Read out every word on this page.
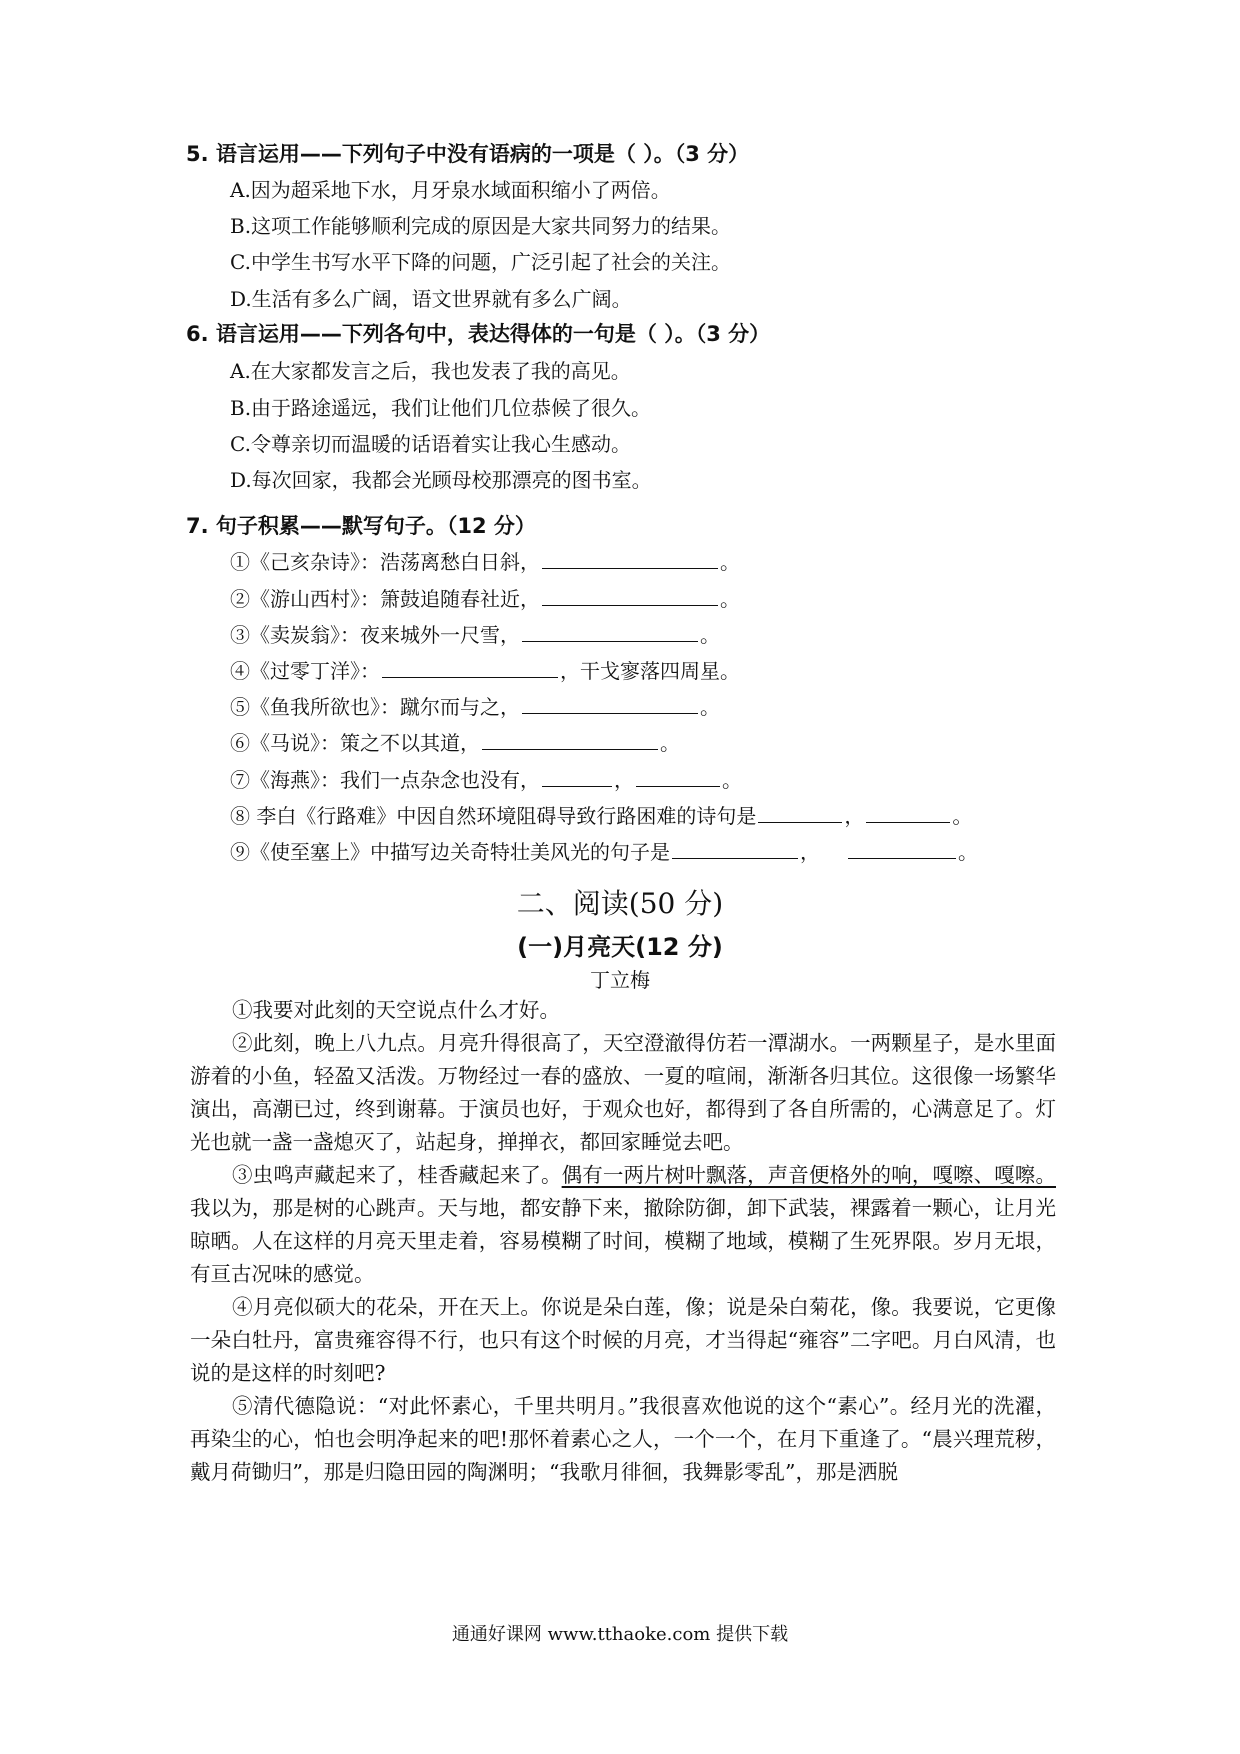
5. 语言运用——下列句子中没有语病的一项是（ ）。（3 分）
A.因为超采地下水，月牙泉水域面积缩小了两倍。
B.这项工作能够顺利完成的原因是大家共同努力的结果。
C.中学生书写水平下降的问题，广泛引起了社会的关注。
D.生活有多么广阔，语文世界就有多么广阔。
6. 语言运用——下列各句中，表达得体的一句是（ ）。（3 分）
A.在大家都发言之后，我也发表了我的高见。
B.由于路途遥远，我们让他们几位恭候了很久。
C.令尊亲切而温暖的话语着实让我心生感动。
D.每次回家，我都会光顾母校那漂亮的图书室。
7. 句子积累——默写句子。（12 分）
①《己亥杂诗》：浩荡离愁白日斜，	。
②《游山西村》：箫鼓追随春社近，	。
③《卖炭翁》：夜来城外一尺雪，	。
④《过零丁洋》：	，干戈寥落四周星。
⑤《鱼我所欲也》：蹴尔而与之，	。
⑥《马说》：策之不以其道，	。
⑦《海燕》：我们一点杂念也没有，	，	。
⑧ 李白《行路难》中因自然环境阻碍导致行路困难的诗句是	，	。
⑨《使至塞上》中描写边关奇特壮美风光的句子是	，	。
二、阅读(50 分)
(一)月亮天(12 分)
丁立梅
①我要对此刻的天空说点什么才好。
②此刻，晚上八九点。月亮升得很高了，天空澄澈得仿若一潭湖水。一两颗星子，是水里面游着的小鱼，轻盈又活泼。万物经过一春的盛放、一夏的喧闹，渐渐各归其位。这很像一场繁华演出，高潮已过，终到谢幕。于演员也好，于观众也好，都得到了各自所需的，心满意足了。灯光也就一盏一盏熄灭了，站起身，掸掸衣，都回家睡觉去吧。
③虫鸣声藏起来了，桂香藏起来了。偶有一两片树叶飘落，声音便格外的响，嘎嚓、嘎嚓。我以为，那是树的心跳声。天与地，都安静下来，撤除防御，卸下武装，裸露着一颗心，让月光晾晒。人在这样的月亮天里走着，容易模糊了时间，模糊了地域，模糊了生死界限。岁月无垠，有亘古况味的感觉。
④月亮似硕大的花朵，开在天上。你说是朵白莲，像；说是朵白菊花，像。我要说，它更像一朵白牡丹，富贵雍容得不行，也只有这个时候的月亮，才当得起“雍容”二字吧。月白风清，也说的是这样的时刻吧?
⑤清代德隐说：“对此怀素心，千里共明月。”我很喜欢他说的这个“素心”。经月光的洗濯，再染尘的心，怕也会明净起来的吧!那怀着素心之人，一个一个，在月下重逢了。“晨兴理荒秽，戴月荷锄归”，那是归隐田园的陶渊明；“我歌月徘徊，我舞影零乱”，那是洒脱
通通好课网 www.tthaoke.com 提供下载
